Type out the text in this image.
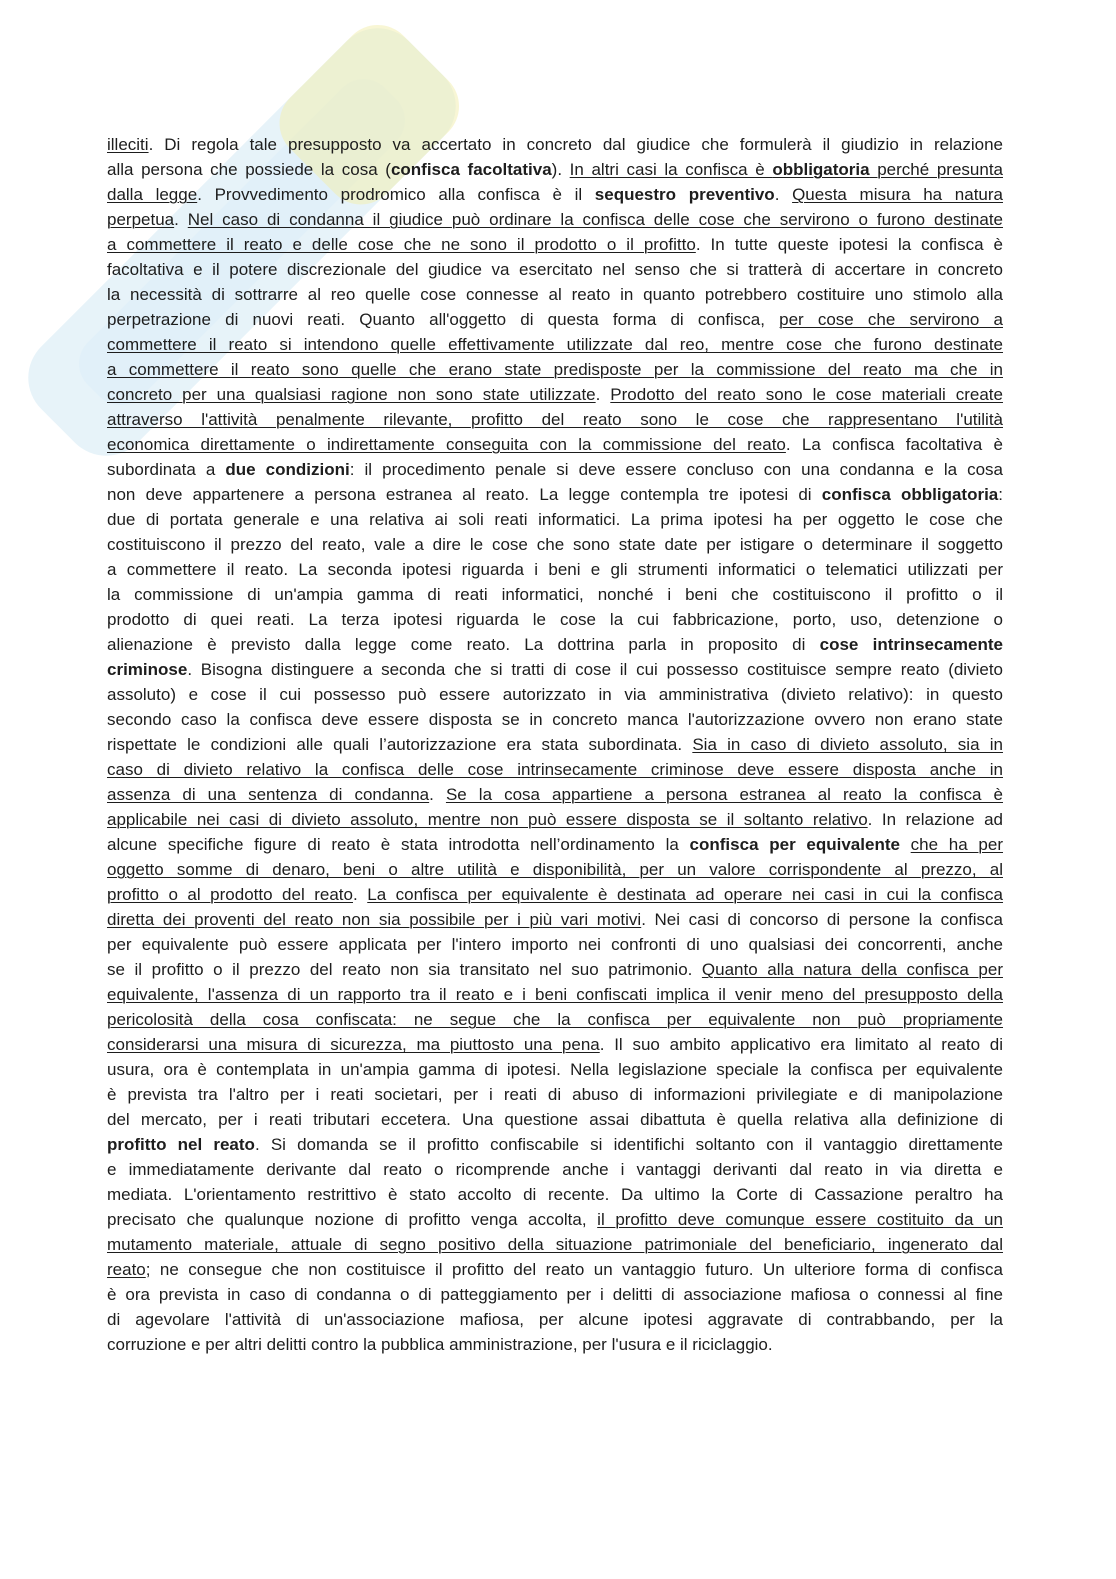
illeciti. Di regola tale presupposto va accertato in concreto dal giudice che formulerà il giudizio in relazione
alla persona che possiede la cosa (confisca facoltativa). In altri casi la confisca è obbligatoria perché presunta
dalla legge. Provvedimento prodromico alla confisca è il sequestro preventivo. Questa misura ha natura
perpetua. Nel caso di condanna il giudice può ordinare la confisca delle cose che servirono o furono destinate
a commettere il reato e delle cose che ne sono il prodotto o il profitto. In tutte queste ipotesi la confisca è
facoltativa e il potere discrezionale del giudice va esercitato nel senso che si tratterà di accertare in concreto
la necessità di sottrarre al reo quelle cose connesse al reato in quanto potrebbero costituire uno stimolo alla
perpetrazione di nuovi reati. Quanto all'oggetto di questa forma di confisca, per cose che servirono a
commettere il reato si intendono quelle effettivamente utilizzate dal reo, mentre cose che furono destinate
a commettere il reato sono quelle che erano state predisposte per la commissione del reato ma che in
concreto per una qualsiasi ragione non sono state utilizzate. Prodotto del reato sono le cose materiali create
attraverso l'attività penalmente rilevante, profitto del reato sono le cose che rappresentano l'utilità
economica direttamente o indirettamente conseguita con la commissione del reato. La confisca facoltativa è
subordinata a due condizioni: il procedimento penale si deve essere concluso con una condanna e la cosa
non deve appartenere a persona estranea al reato. La legge contempla tre ipotesi di confisca obbligatoria:
due di portata generale e una relativa ai soli reati informatici. La prima ipotesi ha per oggetto le cose che
costituiscono il prezzo del reato, vale a dire le cose che sono state date per istigare o determinare il soggetto
a commettere il reato. La seconda ipotesi riguarda i beni e gli strumenti informatici o telematici utilizzati per
la commissione di un'ampia gamma di reati informatici, nonché i beni che costituiscono il profitto o il
prodotto di quei reati. La terza ipotesi riguarda le cose la cui fabbricazione, porto, uso, detenzione o
alienazione è previsto dalla legge come reato. La dottrina parla in proposito di cose intrinsecamente
criminose. Bisogna distinguere a seconda che si tratti di cose il cui possesso costituisce sempre reato (divieto
assoluto) e cose il cui possesso può essere autorizzato in via amministrativa (divieto relativo): in questo
secondo caso la confisca deve essere disposta se in concreto manca l'autorizzazione ovvero non erano state
rispettate le condizioni alle quali l’autorizzazione era stata subordinata. Sia in caso di divieto assoluto, sia in
caso di divieto relativo la confisca delle cose intrinsecamente criminose deve essere disposta anche in
assenza di una sentenza di condanna. Se la cosa appartiene a persona estranea al reato la confisca è
applicabile nei casi di divieto assoluto, mentre non può essere disposta se il soltanto relativo. In relazione ad
alcune specifiche figure di reato è stata introdotta nell’ordinamento la confisca per equivalente che ha per
oggetto somme di denaro, beni o altre utilità e disponibilità, per un valore corrispondente al prezzo, al
profitto o al prodotto del reato. La confisca per equivalente è destinata ad operare nei casi in cui la confisca
diretta dei proventi del reato non sia possibile per i più vari motivi. Nei casi di concorso di persone la confisca
per equivalente può essere applicata per l'intero importo nei confronti di uno qualsiasi dei concorrenti, anche
se il profitto o il prezzo del reato non sia transitato nel suo patrimonio. Quanto alla natura della confisca per
equivalente, l'assenza di un rapporto tra il reato e i beni confiscati implica il venir meno del presupposto della
pericolosità della cosa confiscata: ne segue che la confisca per equivalente non può propriamente
considerarsi una misura di sicurezza, ma piuttosto una pena. Il suo ambito applicativo era limitato al reato di
usura, ora è contemplata in un'ampia gamma di ipotesi. Nella legislazione speciale la confisca per equivalente
è prevista tra l'altro per i reati societari, per i reati di abuso di informazioni privilegiate e di manipolazione
del mercato, per i reati tributari eccetera. Una questione assai dibattuta è quella relativa alla definizione di
profitto nel reato. Si domanda se il profitto confiscabile si identifichi soltanto con il vantaggio direttamente
e immediatamente derivante dal reato o ricomprende anche i vantaggi derivanti dal reato in via diretta e
mediata. L'orientamento restrittivo è stato accolto di recente. Da ultimo la Corte di Cassazione peraltro ha
precisato che qualunque nozione di profitto venga accolta, il profitto deve comunque essere costituito da un
mutamento materiale, attuale di segno positivo della situazione patrimoniale del beneficiario, ingenerato dal
reato; ne consegue che non costituisce il profitto del reato un vantaggio futuro. Un ulteriore forma di confisca
è ora prevista in caso di condanna o di patteggiamento per i delitti di associazione mafiosa o connessi al fine
di agevolare l'attività di un'associazione mafiosa, per alcune ipotesi aggravate di contrabbando, per la
corruzione e per altri delitti contro la pubblica amministrazione, per l'usura e il riciclaggio.
